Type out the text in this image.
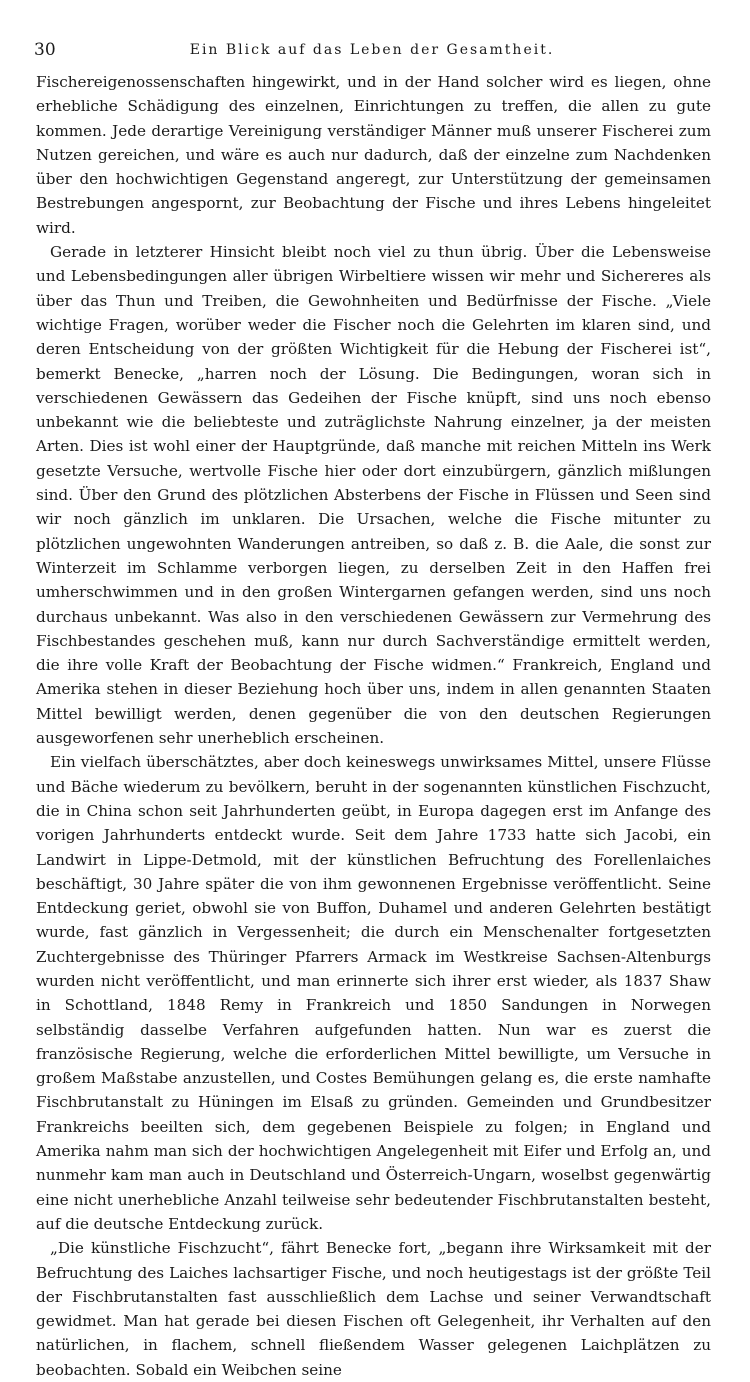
30	Ein Blick auf das Leben der Gesamtheit.

Fischereigenossenschaften hingewirkt, und in der Hand solcher wird es liegen, ohne erhebliche Schädigung des einzelnen, Einrichtungen zu treffen, die allen zu gute kommen. Jede derartige Vereinigung verständiger Männer muß unserer Fischerei zum Nutzen gereichen, und wäre es auch nur dadurch, daß der einzelne zum Nachdenken über den hochwichtigen Gegenstand angeregt, zur Unterstützung der gemeinsamen Bestrebungen angespornt, zur Beobachtung der Fische und ihres Lebens hingeleitet wird.

Gerade in letzterer Hinsicht bleibt noch viel zu thun übrig. Über die Lebensweise und Lebensbedingungen aller übrigen Wirbeltiere wissen wir mehr und Sichereres als über das Thun und Treiben, die Gewohnheiten und Bedürfnisse der Fische. „Viele wichtige Fragen, worüber weder die Fischer noch die Gelehrten im klaren sind, und deren Entscheidung von der größten Wichtigkeit für die Hebung der Fischerei ist“, bemerkt Benecke, „harren noch der Lösung. Die Bedingungen, woran sich in verschiedenen Gewässern das Gedeihen der Fische knüpft, sind uns noch ebenso unbekannt wie die beliebteste und zuträglichste Nahrung einzelner, ja der meisten Arten. Dies ist wohl einer der Hauptgründe, daß manche mit reichen Mitteln ins Werk gesetzte Versuche, wertvolle Fische hier oder dort einzubürgern, gänzlich mißlungen sind. Über den Grund des plötzlichen Absterbens der Fische in Flüssen und Seen sind wir noch gänzlich im unklaren. Die Ursachen, welche die Fische mitunter zu plötzlichen ungewohnten Wanderungen antreiben, so daß z. B. die Aale, die sonst zur Winterzeit im Schlamme verborgen liegen, zu derselben Zeit in den Haffen frei umherschwimmen und in den großen Wintergarnen gefangen werden, sind uns noch durchaus unbekannt. Was also in den verschiedenen Gewässern zur Vermehrung des Fischbestandes geschehen muß, kann nur durch Sachverständige ermittelt werden, die ihre volle Kraft der Beobachtung der Fische widmen.“ Frankreich, England und Amerika stehen in dieser Beziehung hoch über uns, indem in allen genannten Staaten Mittel bewilligt werden, denen gegenüber die von den deutschen Regierungen ausgeworfenen sehr unerheblich erscheinen.

Ein vielfach überschätztes, aber doch keineswegs unwirksames Mittel, unsere Flüsse und Bäche wiederum zu bevölkern, beruht in der sogenannten künstlichen Fischzucht, die in China schon seit Jahrhunderten geübt, in Europa dagegen erst im Anfange des vorigen Jahrhunderts entdeckt wurde. Seit dem Jahre 1733 hatte sich Jacobi, ein Landwirt in Lippe-Detmold, mit der künstlichen Befruchtung des Forellenlaiches beschäftigt, 30 Jahre später die von ihm gewonnenen Ergebnisse veröffentlicht. Seine Entdeckung geriet, obwohl sie von Buffon, Duhamel und anderen Gelehrten bestätigt wurde, fast gänzlich in Vergessenheit; die durch ein Menschenalter fortgesetzten Zuchtergebnisse des Thüringer Pfarrers Armack im Westkreise Sachsen-Altenburgs wurden nicht veröffentlicht, und man erinnerte sich ihrer erst wieder, als 1837 Shaw in Schottland, 1848 Remy in Frankreich und 1850 Sandungen in Norwegen selbständig dasselbe Verfahren aufgefunden hatten. Nun war es zuerst die französische Regierung, welche die erforderlichen Mittel bewilligte, um Versuche in großem Maßstabe anzustellen, und Costes Bemühungen gelang es, die erste namhafte Fischbrutanstalt zu Hüningen im Elsaß zu gründen. Gemeinden und Grundbesitzer Frankreichs beeilten sich, dem gegebenen Beispiele zu folgen; in England und Amerika nahm man sich der hochwichtigen Angelegenheit mit Eifer und Erfolg an, und nunmehr kam man auch in Deutschland und Österreich-Ungarn, woselbst gegenwärtig eine nicht unerhebliche Anzahl teilweise sehr bedeutender Fischbrutanstalten besteht, auf die deutsche Entdeckung zurück.

„Die künstliche Fischzucht“, fährt Benecke fort, „begann ihre Wirksamkeit mit der Befruchtung des Laiches lachsartiger Fische, und noch heutigestags ist der größte Teil der Fischbrutanstalten fast ausschließlich dem Lachse und seiner Verwandtschaft gewidmet. Man hat gerade bei diesen Fischen oft Gelegenheit, ihr Verhalten auf den natürlichen, in flachem, schnell fließendem Wasser gelegenen Laichplätzen zu beobachten. Sobald ein Weibchen seine
